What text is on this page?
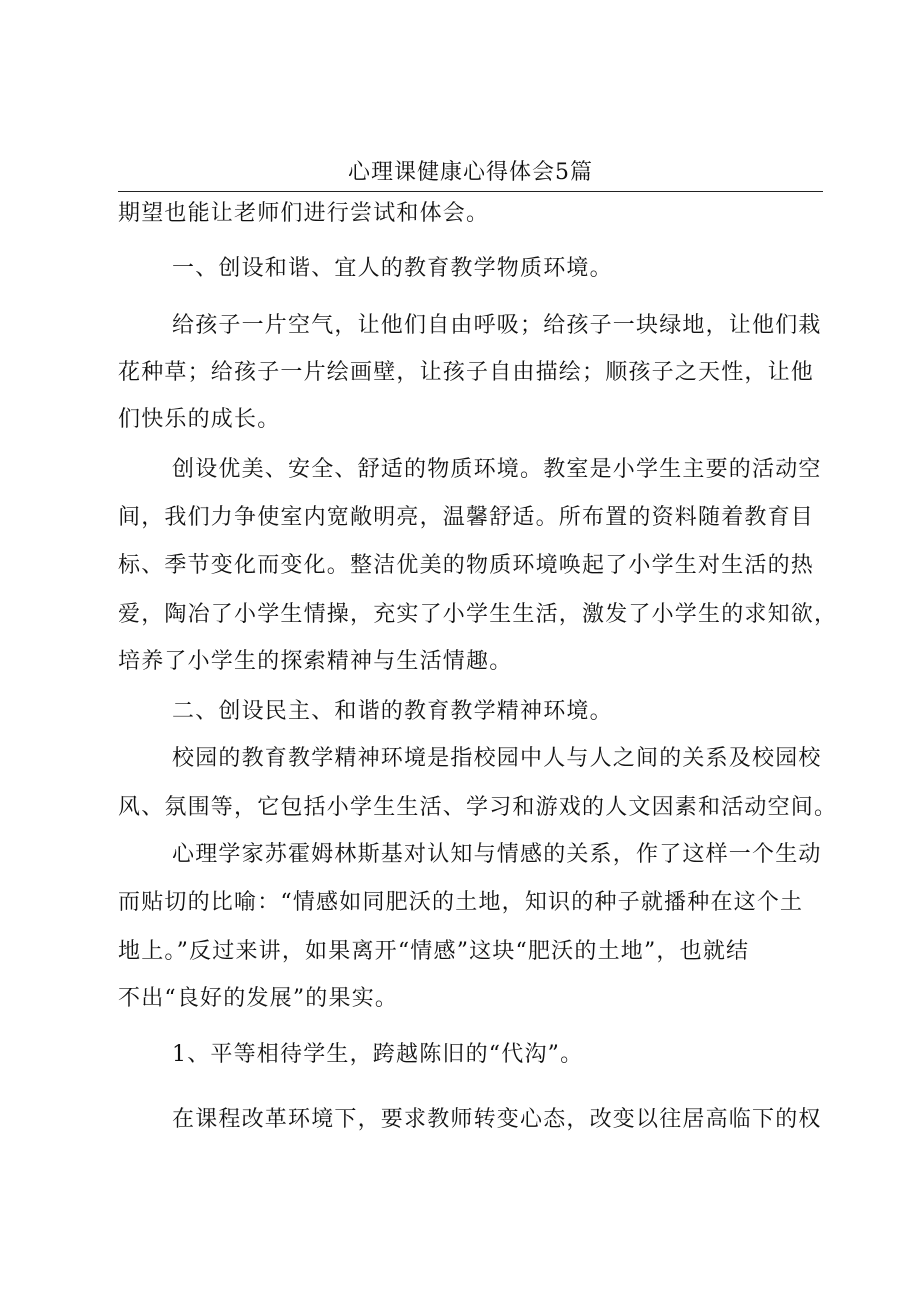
心理课健康心得体会5篇
期望也能让老师们进行尝试和体会。
一、创设和谐、宜人的教育教学物质环境。
给孩子一片空气，让他们自由呼吸；给孩子一块绿地，让他们栽
花种草；给孩子一片绘画壁，让孩子自由描绘；顺孩子之天性，让他
们快乐的成长。
创设优美、安全、舒适的物质环境。教室是小学生主要的活动空
间，我们力争使室内宽敞明亮，温馨舒适。所布置的资料随着教育目
标、季节变化而变化。整洁优美的物质环境唤起了小学生对生活的热
爱，陶冶了小学生情操，充实了小学生生活，激发了小学生的求知欲，
培养了小学生的探索精神与生活情趣。
二、创设民主、和谐的教育教学精神环境。
校园的教育教学精神环境是指校园中人与人之间的关系及校园校
风、氛围等，它包括小学生生活、学习和游戏的人文因素和活动空间。
心理学家苏霍姆林斯基对认知与情感的关系，作了这样一个生动
而贴切的比喻：“情感如同肥沃的土地，知识的种子就播种在这个土
地上。”反过来讲，如果离开“情感”这块“肥沃的土地”，也就结
不出“良好的发展”的果实。
1、平等相待学生，跨越陈旧的“代沟”。
在课程改革环境下，要求教师转变心态，改变以往居高临下的权
